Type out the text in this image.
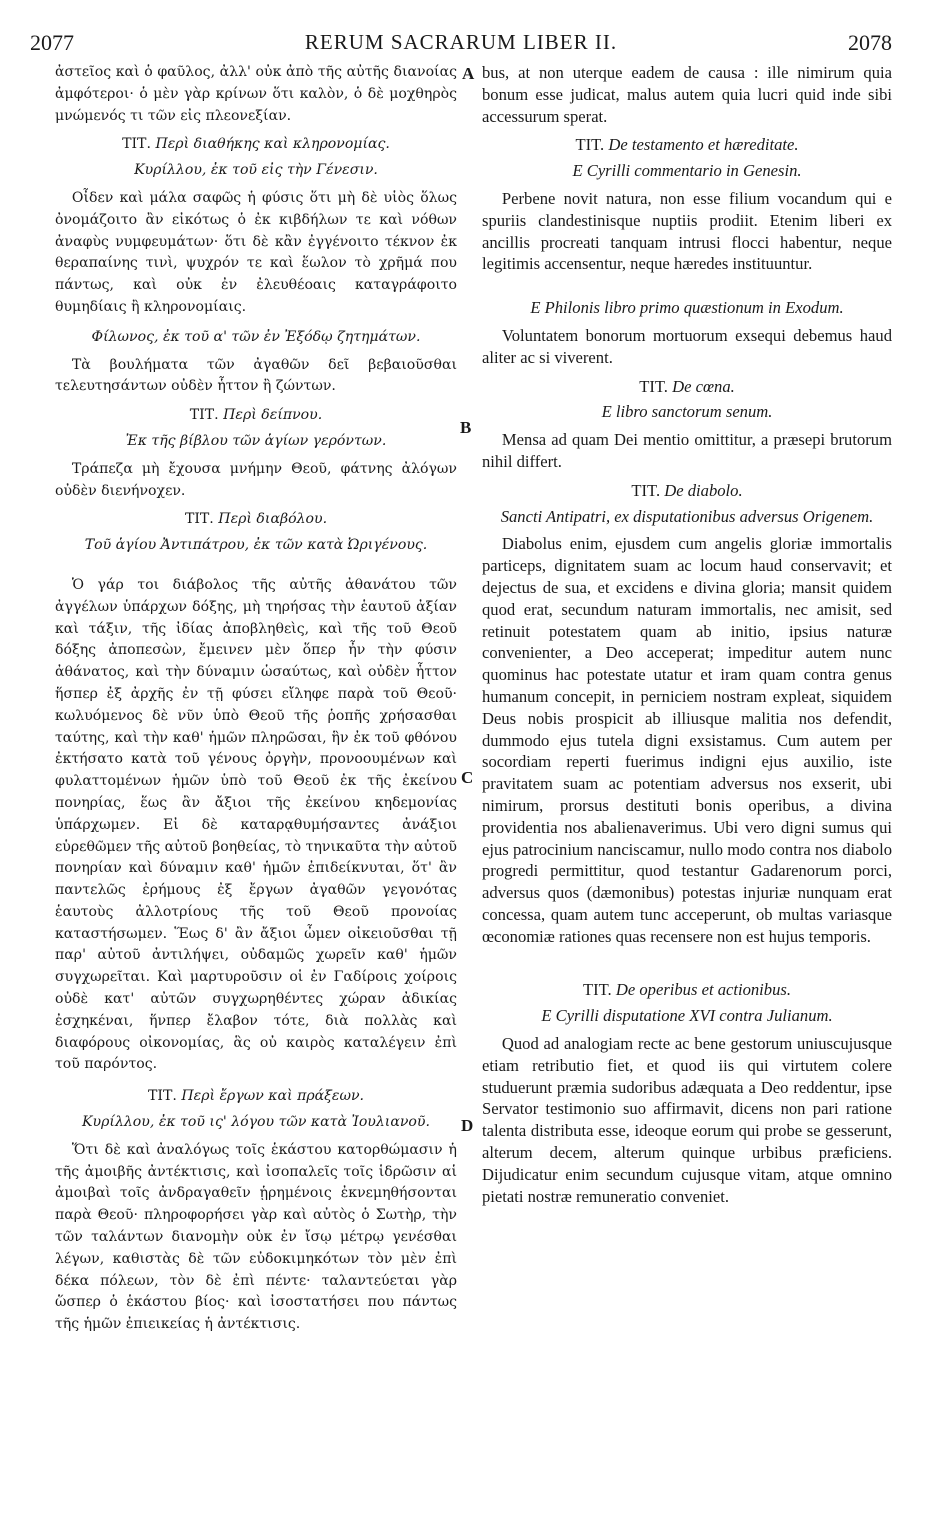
2077	RERUM SACRARUM LIBER II.	2078

ἀστεῖος καὶ ὁ φαῦλος, ἀλλ' οὐκ ἀπὸ τῆς αὐτῆς διανοίας ἀμφότεροι· ὁ μὲν γὰρ κρίνων ὅτι καλὸν, ὁ δὲ μοχθηρὸς μνώμενός τι τῶν εἰς πλεονεξίαν.

ΤΙΤ. Περὶ διαθήκης καὶ κληρονομίας.

Κυρίλλου, ἐκ τοῦ εἰς τὴν Γένεσιν.

Οἶδεν καὶ μάλα σαφῶς ἡ φύσις ὅτι μὴ δὲ υἱὸς ὅλως ὀνομάζοιτο ἂν εἰκότως ὁ ἐκ κιβδήλων τε καὶ νόθων ἀναφὺς νυμφευμάτων· ὅτι δὲ κἂν ἐγγένοιτο τέκνον ἐκ θεραπαίνης τινὶ, ψυχρόν τε καὶ ἕωλον τὸ χρῆμά που πάντως, καὶ οὐκ ἐν ἐλευθέοαις καταγράφοιτο θυμηδίαις ἢ κληρονομίαις.

Φίλωνος, ἐκ τοῦ α' τῶν ἐν Ἐξόδῳ ζητημάτων.

Τὰ βουλήματα τῶν ἀγαθῶν δεῖ βεβαιοῦσθαι τελευτησάντων οὐδὲν ἧττον ἢ ζώντων.

ΤΙΤ. Περὶ δείπνου.

Ἐκ τῆς βίβλου τῶν ἁγίων γερόντων.

Τράπεζα μὴ ἔχουσα μνήμην Θεοῦ, φάτνης ἀλόγων οὐδὲν διενήνοχεν.

ΤΙΤ. Περὶ διαβόλου.

Τοῦ ἁγίου Ἀντιπάτρου, ἐκ τῶν κατὰ Ὠριγένους.

Ὁ γάρ τοι διάβολος τῆς αὐτῆς ἀθανάτου τῶν ἀγγέλων ὑπάρχων δόξης, μὴ τηρήσας τὴν ἑαυτοῦ ἀξίαν καὶ τάξιν, τῆς ἰδίας ἀποβληθεὶς, καὶ τῆς τοῦ Θεοῦ δόξης ἀποπεσὼν, ἔμεινεν μὲν ὅπερ ἦν τὴν φύσιν ἀθάνατος, καὶ τὴν δύναμιν ὡσαύτως, καὶ οὐδὲν ἧττον ἥσπερ ἐξ ἀρχῆς ἐν τῇ φύσει εἴληφε παρὰ τοῦ Θεοῦ· κωλυόμενος δὲ νῦν ὑπὸ Θεοῦ τῆς ῥοπῆς χρήσασθαι ταύτης, καὶ τὴν καθ' ἡμῶν πληρῶσαι, ἣν ἐκ τοῦ φθόνου ἐκτήσατο κατὰ τοῦ γένους ὀργὴν, προνοουμένων καὶ φυλαττομένων ἡμῶν ὑπὸ τοῦ Θεοῦ ἐκ τῆς ἐκείνου πονηρίας, ἕως ἂν ἄξιοι τῆς ἐκείνου κηδεμονίας ὑπάρχωμεν. Εἰ δὲ καταρᾳθυμήσαντες ἀνάξιοι εὑρεθῶμεν τῆς αὐτοῦ βοηθείας, τὸ τηνικαῦτα τὴν αὐτοῦ πονηρίαν καὶ δύναμιν καθ' ἡμῶν ἐπιδείκνυται, ὅτ' ἂν παντελῶς ἐρήμους ἐξ ἔργων ἀγαθῶν γεγονότας ἑαυτοὺς ἀλλοτρίους τῆς τοῦ Θεοῦ προνοίας καταστήσωμεν. Ἕως δ' ἂν ἄξιοι ὦμεν οἰκειοῦσθαι τῇ παρ' αὐτοῦ ἀντιλήψει, οὐδαμῶς χωρεῖν καθ' ἡμῶν συγχωρεῖται. Καὶ μαρτυροῦσιν οἱ ἐν Γαδίροις χοίροις οὐδὲ κατ' αὐτῶν συγχωρηθέντες χώραν ἀδικίας ἐσχηκέναι, ἥνπερ ἔλαβον τότε, διὰ πολλὰς καὶ διαφόρους οἰκονομίας, ἃς οὐ καιρὸς καταλέγειν ἐπὶ τοῦ παρόντος.

ΤΙΤ. Περὶ ἔργων καὶ πράξεων.

Κυρίλλου, ἐκ τοῦ ις' λόγου τῶν κατὰ Ἰουλιανοῦ.

Ὅτι δὲ καὶ ἀναλόγως τοῖς ἑκάστου κατορθώμασιν ἡ τῆς ἀμοιβῆς ἀντέκτισις, καὶ ἰσοπαλεῖς τοῖς ἱδρῶσιν αἱ ἀμοιβαὶ τοῖς ἀνδραγαθεῖν ᾑρημένοις ἐκνεμηθήσονται παρὰ Θεοῦ· πληροφορήσει γὰρ καὶ αὐτὸς ὁ Σωτὴρ, τὴν τῶν ταλάντων διανομὴν οὐκ ἐν ἴσῳ μέτρῳ γενέσθαι λέγων, καθιστὰς δὲ τῶν εὐδοκιμηκότων τὸν μὲν ἐπὶ δέκα πόλεων, τὸν δὲ ἐπὶ πέντε· ταλαντεύεται γὰρ ὥσπερ ὁ ἑκάστου βίος· καὶ ἰσοστατήσει που πάντως τῆς ἡμῶν ἐπιεικείας ἡ ἀντέκτισις.

bus, at non uterque eadem de causa : ille nimirum quia bonum esse judicat, malus autem quia lucri quid inde sibi accessurum sperat.

TIT. De testamento et hæreditate.

E Cyrilli commentario in Genesin.

Perbene novit natura, non esse filium vocandum qui e spuriis clandestinisque nuptiis prodiit. Etenim liberi ex ancillis procreati tanquam intrusi flocci habentur, neque legitimis accensentur, neque hæredes instituuntur.

E Philonis libro primo quæstionum in Exodum.

Voluntatem bonorum mortuorum exsequi debemus haud aliter ac si viverent.

TIT. De cœna.

E libro sanctorum senum.

Mensa ad quam Dei mentio omittitur, a præsepi brutorum nihil differt.

TIT. De diabolo.

Sancti Antipatri, ex disputationibus adversus Origenem.

Diabolus enim, ejusdem cum angelis gloriæ immortalis particeps, dignitatem suam ac locum haud conservavit; et dejectus de sua, et excidens e divina gloria; mansit quidem quod erat, secundum naturam immortalis, nec amisit, sed retinuit potestatem quam ab initio, ipsius naturæ convenienter, a Deo acceperat; impeditur autem nunc quominus hac potestate utatur et iram quam contra genus humanum concepit, in perniciem nostram expleat, siquidem Deus nobis prospicit ab illiusque malitia nos defendit, dummodo ejus tutela digni exsistamus. Cum autem per socordiam reperti fuerimus indigni ejus auxilio, iste pravitatem suam ac potentiam adversus nos exserit, ubi nimirum, prorsus destituti bonis operibus, a divina providentia nos abalienaverimus. Ubi vero digni sumus qui ejus patrocinium nanciscamur, nullo modo contra nos diabolo progredi permittitur, quod testantur Gadarenorum porci, adversus quos (dæmonibus) potestas injuriæ nunquam erat concessa, quam autem tunc acceperunt, ob multas variasque œconomiæ rationes quas recensere non est hujus temporis.

TIT. De operibus et actionibus.

E Cyrilli disputatione XVI contra Julianum.

Quod ad analogiam recte ac bene gestorum uniuscujusque etiam retributio fiet, et quod iis qui virtutem colere studuerunt præmia sudoribus adæquata a Deo reddentur, ipse Servator testimonio suo affirmavit, dicens non pari ratione talenta distributa esse, ideoque eorum qui probe se gesserunt, alterum decem, alterum quinque urbibus præficiens. Dijudicatur enim secundum cujusque vitam, atque omnino pietati nostræ remuneratio conveniet.

A
B
C
D
